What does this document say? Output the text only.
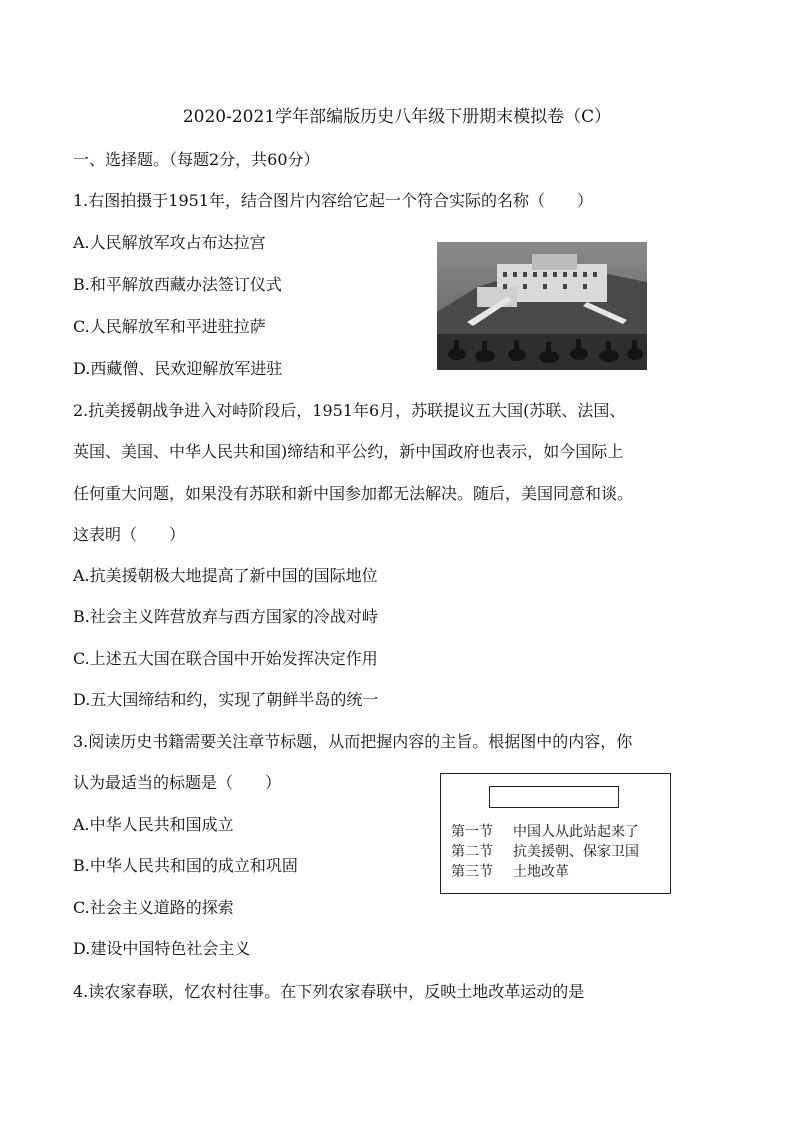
2020-2021学年部编版历史八年级下册期末模拟卷（C）
一、选择题。（每题2分，共60分）
1.右图拍摄于1951年，结合图片内容给它起一个符合实际的名称（　　）
A.人民解放军攻占布达拉宫
B.和平解放西藏办法签订仪式
C.人民解放军和平进驻拉萨
D.西藏僧、民欢迎解放军进驻
2.抗美援朝战争进入对峙阶段后，1951年6月，苏联提议五大国(苏联、法国、
英国、美国、中华人民共和国)缔结和平公约，新中国政府也表示，如今国际上
任何重大问题，如果没有苏联和新中国参加都无法解决。随后，美国同意和谈。
这表明（　　）
A.抗美援朝极大地提高了新中国的国际地位
B.社会主义阵营放弃与西方国家的冷战对峙
C.上述五大国在联合国中开始发挥决定作用
D.五大国缔结和约，实现了朝鲜半岛的统一
3.阅读历史书籍需要关注章节标题，从而把握内容的主旨。根据图中的内容，你
认为最适当的标题是（　　）
A.中华人民共和国成立
B.中华人民共和国的成立和巩固
C.社会主义道路的探索
D.建设中国特色社会主义
第一节 中国人从此站起来了
第二节 抗美援朝、保家卫国
第三节 土地改革
4.读农家春联，忆农村往事。在下列农家春联中，反映土地改革运动的是
